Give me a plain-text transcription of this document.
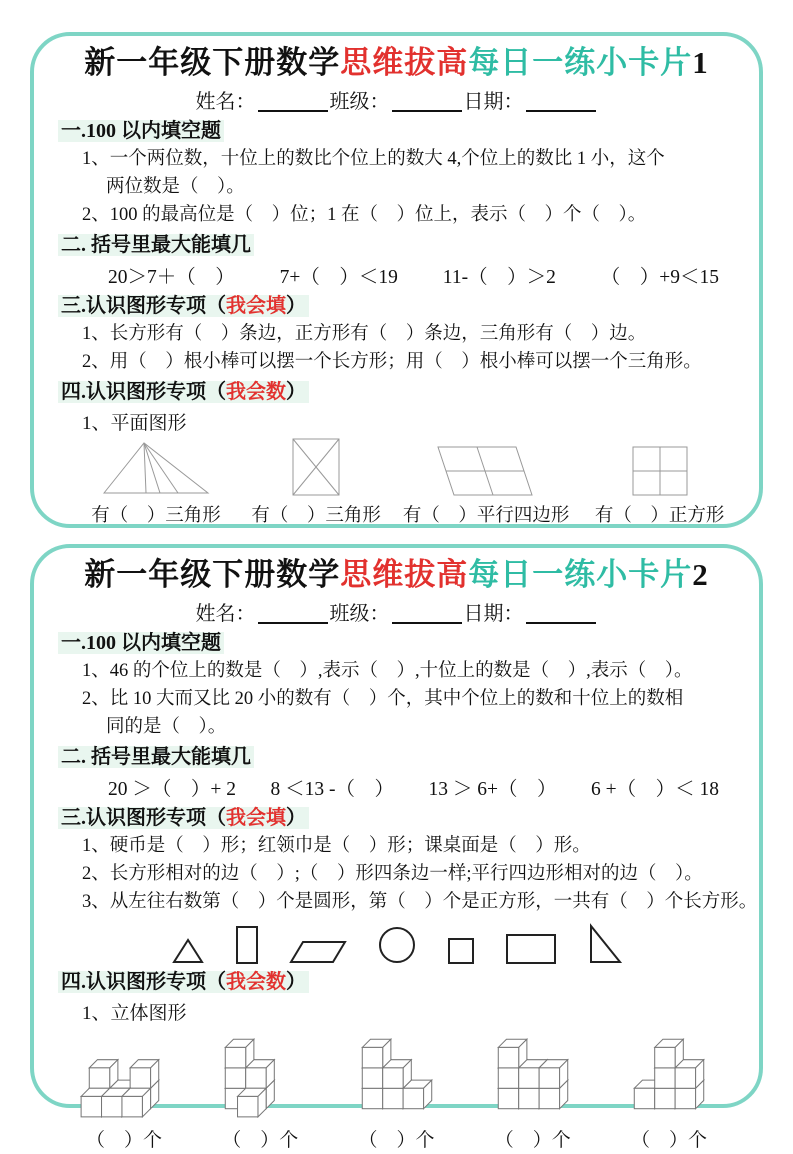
新一年级下册数学思维拔高每日一练小卡片1
姓名：	班级：	日期：
一.100 以内填空题
1、一个两位数，十位上的数比个位上的数大 4,个位上的数比 1 小，这个
两位数是（　）。
2、100 的最高位是（　）位；1 在（　）位上，表示（　）个（　）。
二. 括号里最大能填几
20＞7＋（　） 7+（　）＜19 11-（　）＞2 （　）+9＜15
三.认识图形专项（我会填）
1、长方形有（　）条边，正方形有（　）条边，三角形有（　）边。
2、用（　）根小棒可以摆一个长方形；用（　）根小棒可以摆一个三角形。
四.认识图形专项（我会数）
1、平面图形
有（　）三角形 有（　）三角形 有（　）平行四边形 有（　）正方形
新一年级下册数学思维拔高每日一练小卡片2
姓名：	班级：	日期：
一.100 以内填空题
1、46 的个位上的数是（　）,表示（　）,十位上的数是（　）,表示（　）。
2、比 10 大而又比 20 小的数有（　）个，其中个位上的数和十位上的数相
同的是（　）。
二. 括号里最大能填几
20 ＞（　）+ 2 8 ＜13 -（　） 13 ＞ 6+（　） 6 +（　）＜ 18
三.认识图形专项（我会填）
1、硬币是（　）形；红领巾是（　）形；课桌面是（　）形。
2、长方形相对的边（　）;（　）形四条边一样;平行四边形相对的边（　）。
3、从左往右数第（　）个是圆形，第（　）个是正方形，一共有（　）个长方形。
四.认识图形专项（我会数）
1、立体图形
（　）个	（　）个	（　）个	（　）个	（　）个
